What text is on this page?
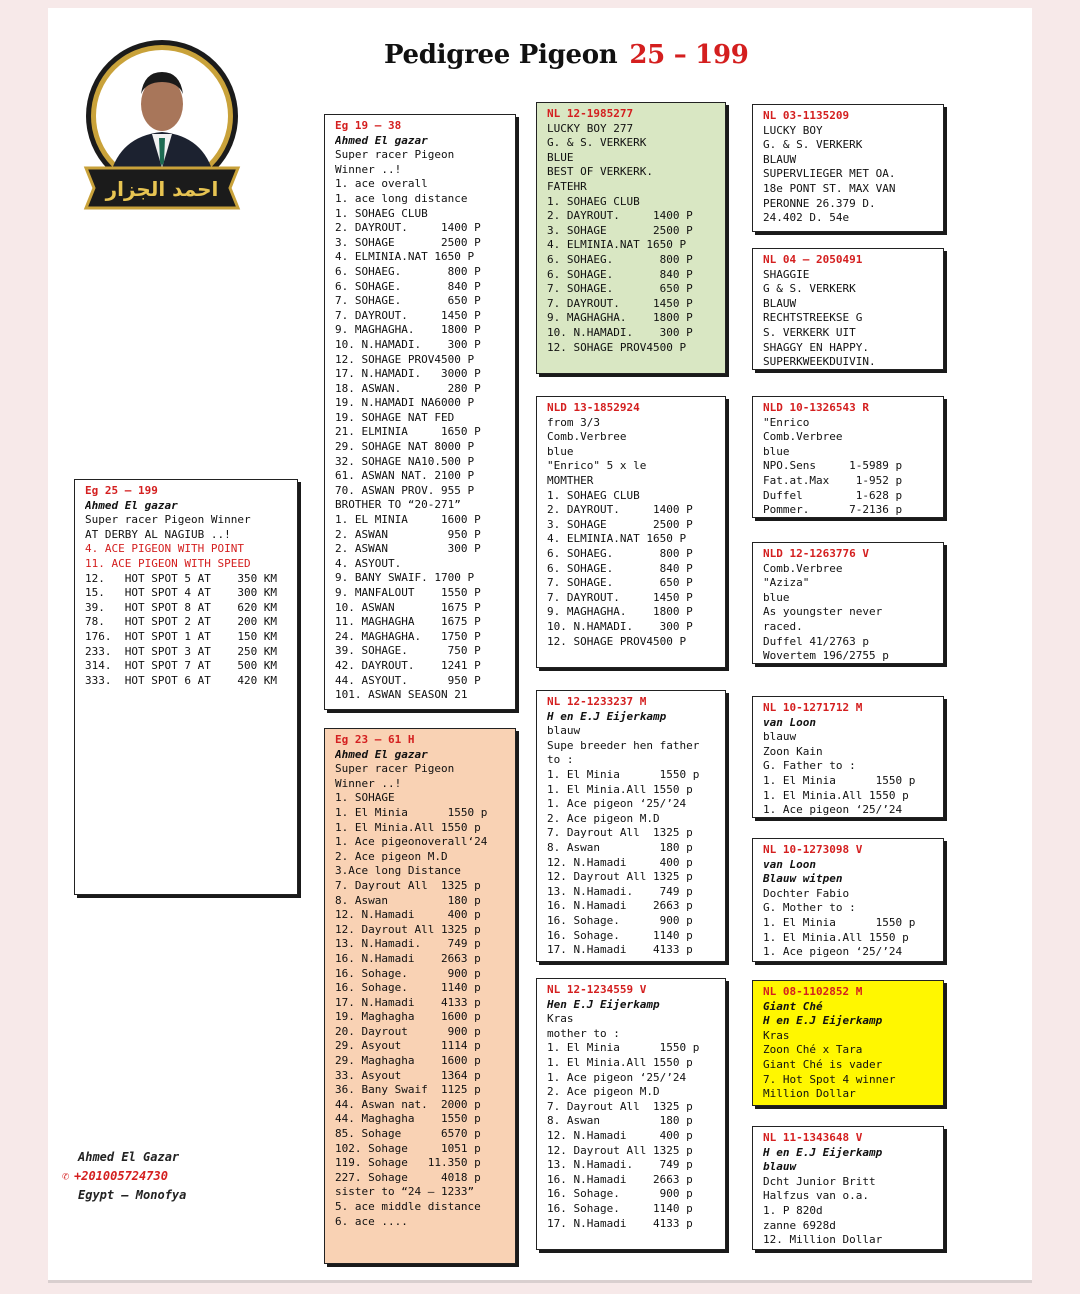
Pedigree Pigeon 25 – 199
احمد الجزار
Eg 25 – 199
Ahmed El gazar
Super racer Pigeon Winner
AT DERBY AL NAGIUB ..!
4. ACE PIGEON WITH POINT
11. ACE PIGEON WITH SPEED
12.   HOT SPOT 5 AT    350 KM
15.   HOT SPOT 4 AT    300 KM
39.   HOT SPOT 8 AT    620 KM
78.   HOT SPOT 2 AT    200 KM
176.  HOT SPOT 1 AT    150 KM
233.  HOT SPOT 3 AT    250 KM
314.  HOT SPOT 7 AT    500 KM
333.  HOT SPOT 6 AT    420 KM
Eg 19 – 38
Ahmed El gazar
Super racer Pigeon
Winner ..!
1. ace overall
1. ace long distance
1. SOHAEG CLUB
2. DAYROUT.     1400 P
3. SOHAGE       2500 P
4. ELMINIA.NAT 1650 P
6. SOHAEG.       800 P
6. SOHAGE.       840 P
7. SOHAGE.       650 P
7. DAYROUT.     1450 P
9. MAGHAGHA.    1800 P
10. N.HAMADI.    300 P
12. SOHAGE PROV4500 P
17. N.HAMADI.   3000 P
18. ASWAN.       280 P
19. N.HAMADI NA6000 P
19. SOHAGE NAT FED
21. ELMINIA     1650 P
29. SOHAGE NAT 8000 P
32. SOHAGE NA10.500 P
61. ASWAN NAT. 2100 P
70. ASWAN PROV. 955 P
BROTHER TO “20-271”
1. EL MINIA     1600 P
2. ASWAN         950 P
2. ASWAN         300 P
4. ASYOUT.
9. BANY SWAIF. 1700 P
9. MANFALOUT    1550 P
10. ASWAN       1675 P
11. MAGHAGHA    1675 P
24. MAGHAGHA.   1750 P
39. SOHAGE.      750 P
42. DAYROUT.    1241 P
44. ASYOUT.      950 P
101. ASWAN SEASON 21
Eg 23 – 61 H
Ahmed El gazar
Super racer Pigeon
Winner ..!
1. SOHAGE
1. El Minia      1550 p
1. El Minia.All 1550 p
1. Ace pigeonoverall‘24
2. Ace pigeon M.D
3.Ace long Distance
7. Dayrout All  1325 p
8. Aswan         180 p
12. N.Hamadi     400 p
12. Dayrout All 1325 p
13. N.Hamadi.    749 p
16. N.Hamadi    2663 p
16. Sohage.      900 p
16. Sohage.     1140 p
17. N.Hamadi    4133 p
19. Maghagha    1600 p
20. Dayrout      900 p
29. Asyout      1114 p
29. Maghagha    1600 p
33. Asyout      1364 p
36. Bany Swaif  1125 p
44. Aswan nat.  2000 p
44. Maghagha    1550 p
85. Sohage      6570 p
102. Sohage     1051 p
119. Sohage   11.350 p
227. Sohage     4018 p
sister to “24 – 1233”
5. ace middle distance
6. ace ....
NL 12-1985277
LUCKY BOY 277
G. & S. VERKERK
BLUE
BEST OF VERKERK.
FATEHR
1. SOHAEG CLUB
2. DAYROUT.     1400 P
3. SOHAGE       2500 P
4. ELMINIA.NAT 1650 P
6. SOHAEG.       800 P
6. SOHAGE.       840 P
7. SOHAGE.       650 P
7. DAYROUT.     1450 P
9. MAGHAGHA.    1800 P
10. N.HAMADI.    300 P
12. SOHAGE PROV4500 P
NLD 13-1852924
from 3/3
Comb.Verbree
blue
"Enrico" 5 x le
MOMTHER
1. SOHAEG CLUB
2. DAYROUT.     1400 P
3. SOHAGE       2500 P
4. ELMINIA.NAT 1650 P
6. SOHAEG.       800 P
6. SOHAGE.       840 P
7. SOHAGE.       650 P
7. DAYROUT.     1450 P
9. MAGHAGHA.    1800 P
10. N.HAMADI.    300 P
12. SOHAGE PROV4500 P
NL 12-1233237 M
H en E.J Eijerkamp
blauw
Supe breeder hen father
to :
1. El Minia      1550 p
1. El Minia.All 1550 p
1. Ace pigeon ‘25/’24
2. Ace pigeon M.D
7. Dayrout All  1325 p
8. Aswan         180 p
12. N.Hamadi     400 p
12. Dayrout All 1325 p
13. N.Hamadi.    749 p
16. N.Hamadi    2663 p
16. Sohage.      900 p
16. Sohage.     1140 p
17. N.Hamadi    4133 p
NL 12-1234559 V
Hen E.J Eijerkamp
Kras
mother to :
1. El Minia      1550 p
1. El Minia.All 1550 p
1. Ace pigeon ‘25/’24
2. Ace pigeon M.D
7. Dayrout All  1325 p
8. Aswan         180 p
12. N.Hamadi     400 p
12. Dayrout All 1325 p
13. N.Hamadi.    749 p
16. N.Hamadi    2663 p
16. Sohage.      900 p
16. Sohage.     1140 p
17. N.Hamadi    4133 p
NL 03-1135209
LUCKY BOY
G. & S. VERKERK
BLAUW
SUPERVLIEGER MET OA.
18e PONT ST. MAX VAN
PERONNE 26.379 D.
24.402 D. 54e
NL 04 – 2050491
SHAGGIE
G & S. VERKERK
BLAUW
RECHTSTREEKSE G
S. VERKERK UIT
SHAGGY EN HAPPY.
SUPERKWEEKDUIVIN.
NLD 10-1326543 R
"Enrico
Comb.Verbree
blue
NPO.Sens     1-5989 p
Fat.at.Max    1-952 p
Duffel        1-628 p
Pommer.      7-2136 p
NLD 12-1263776 V
Comb.Verbree
"Aziza"
blue
As youngster never
raced.
Duffel 41/2763 p
Wovertem 196/2755 p
NL 10-1271712 M
van Loon
blauw
Zoon Kain
G. Father to :
1. El Minia      1550 p
1. El Minia.All 1550 p
1. Ace pigeon ‘25/’24
NL 10-1273098 V
van Loon
Blauw witpen
Dochter Fabio
G. Mother to :
1. El Minia      1550 p
1. El Minia.All 1550 p
1. Ace pigeon ‘25/’24
NL 08-1102852 M
Giant Ché
H en E.J Eijerkamp
Kras
Zoon Ché x Tara
Giant Ché is vader
7. Hot Spot 4 winner
Million Dollar
NL 11-1343648 V
H en E.J Eijerkamp
blauw
Dcht Junior Britt
Halfzus van o.a.
1. P 820d
zanne 6928d
12. Million Dollar
Ahmed El Gazar
✆ +201005724730
Egypt – Monofya
